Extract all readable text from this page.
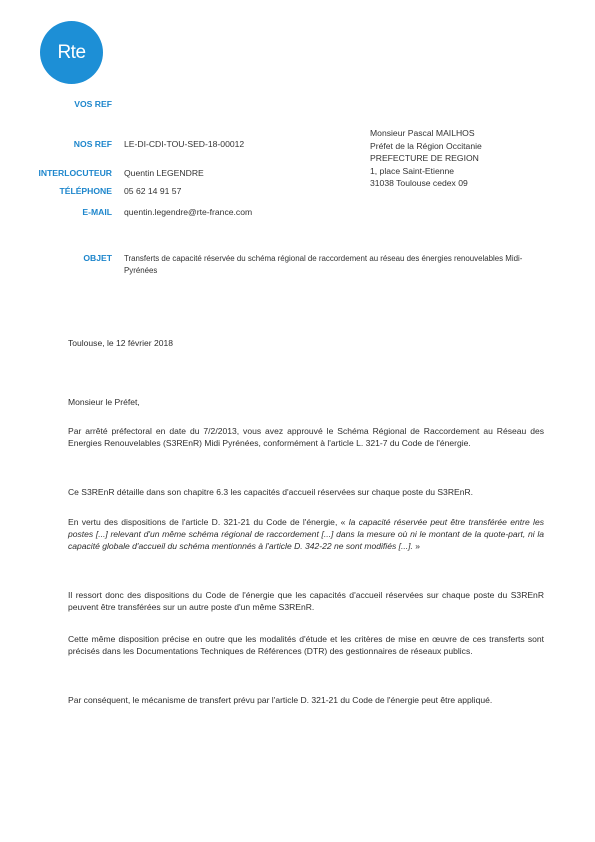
Rte
VOS REF
NOS REF LE-DI-CDI-TOU-SED-18-00012
INTERLOCUTEUR Quentin LEGENDRE
TÉLÉPHONE 05 62 14 91 57
E-MAIL quentin.legendre@rte-france.com
Monsieur Pascal MAILHOS
Préfet de la Région Occitanie
PREFECTURE DE REGION
1, place Saint-Etienne
31038 Toulouse cedex 09
OBJET Transferts de capacité réservée du schéma régional de raccordement au réseau des énergies renouvelables Midi-Pyrénées
Toulouse, le 12 février 2018
Monsieur le Préfet,
Par arrêté préfectoral en date du 7/2/2013, vous avez approuvé le Schéma Régional de Raccordement au Réseau des Energies Renouvelables (S3REnR) Midi Pyrénées, conformément à l'article L. 321-7 du Code de l'énergie.
Ce S3REnR détaille dans son chapitre 6.3 les capacités d'accueil réservées sur chaque poste du S3REnR.
En vertu des dispositions de l'article D. 321-21 du Code de l'énergie, « la capacité réservée peut être transférée entre les postes [...] relevant d'un même schéma régional de raccordement [...] dans la mesure où ni le montant de la quote-part, ni la capacité globale d'accueil du schéma mentionnés à l'article D. 342-22 ne sont modifiés [...]. »
Il ressort donc des dispositions du Code de l'énergie que les capacités d'accueil réservées sur chaque poste du S3REnR peuvent être transférées sur un autre poste d'un même S3REnR.
Cette même disposition précise en outre que les modalités d'étude et les critères de mise en œuvre de ces transferts sont précisés dans les Documentations Techniques de Références (DTR) des gestionnaires de réseaux publics.
Par conséquent, le mécanisme de transfert prévu par l'article D. 321-21 du Code de l'énergie peut être appliqué.
